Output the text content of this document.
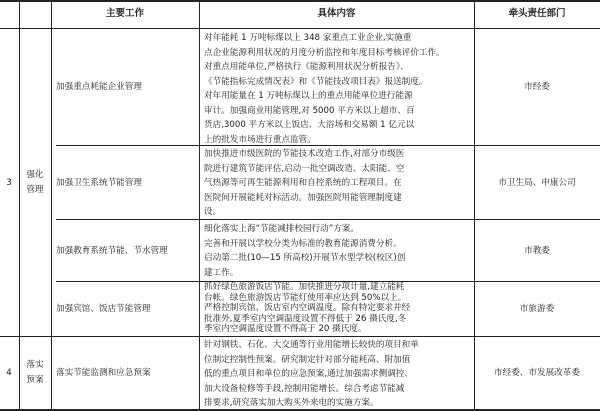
主要工作	具体内容	牵头责任部门
3
强化
管理
4
落实
预案
加强重点耗能企业管理
对年能耗 1 万吨标煤以上 348 家重点工业企业,实施重
点企业能源利用状况的月度分析监控和年度目标考核评价工作。
对重点用能单位,严格执行《能源利用状况分析报告》、
《节能指标完成情况表》和《节能技改项目表》报送制度。
对年用能量在 1 万吨标煤以上的重点用能单位进行能源
审计。加强商业用能管理,对 5000 平方米以上超市、百
货店,3000 平方米以上饭店、大浴场和交易额 1 亿元以
上的批发市场进行重点监管。
市经委
加强卫生系统节能管理
加快推进市级医院的节能技术改造工作,对部分市级医
院进行建筑节能评估,启动一批空调改造、太阳能、空
气热源等可再生能源利用和自控系统的工程项目。在
医院间开展能耗对标活动。加强医院用能管理制度建
设。
市卫生局、申康公司
加强教育系统节能、节水管理
细化落实上海“节能减排校园行动”方案。
完善和开展以学校分类为标准的教育能源消费分析。
启动第二批(10—15 所高校)开展节水型学校(校区)创
建工作。
市教委
加强宾馆、饭店节能管理
抓好绿色旅游饭店节能。加快推进分项计量,建立能耗
台帐。绿色旅游饭店节能灯使用率应达到 50%以上。
严格控制宾馆、饭店室内空调温度。除有特定要求并经
批准外,夏季室内空调温度设置不得低于 26 摄氏度,冬
季室内空调温度设置不得高于 20 摄氏度。
市旅游委
落实节能监测和应急预案
针对钢铁、石化、大交通等行业用能增长较快的项目和单
位制定控制性预案。研究制定针对部分能耗高、附加值
低的重点项目和单位的应急预案,通过加强需求侧调控、
加大设备检修等手段,控制用能增长。综合考虑节能减
排要求,研究落实加大购买外来电的实施方案。
市经委、市发展改革委
